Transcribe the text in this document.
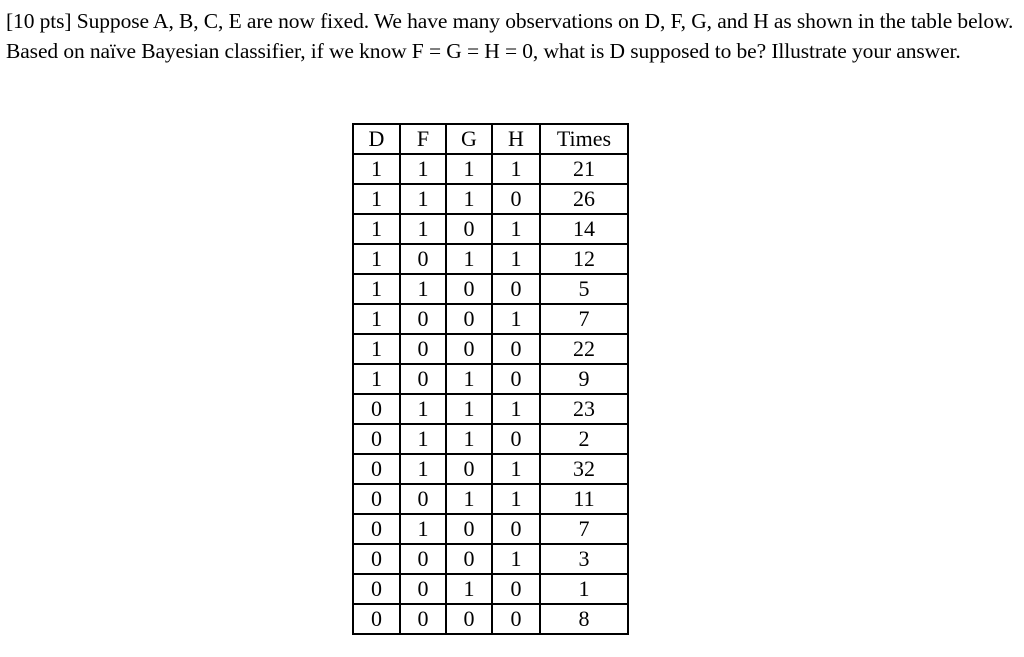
[10 pts] Suppose A, B, C, E are now fixed. We have many observations on D, F, G, and H as shown in the table below. Based on naïve Bayesian classifier, if we know F = G = H = 0, what is D supposed to be? Illustrate your answer.

D	F	G	H	Times
1	1	1	1	21
1	1	1	0	26
1	1	0	1	14
1	0	1	1	12
1	1	0	0	5
1	0	0	1	7
1	0	0	0	22
1	0	1	0	9
0	1	1	1	23
0	1	1	0	2
0	1	0	1	32
0	0	1	1	11
0	1	0	0	7
0	0	0	1	3
0	0	1	0	1
0	0	0	0	8
